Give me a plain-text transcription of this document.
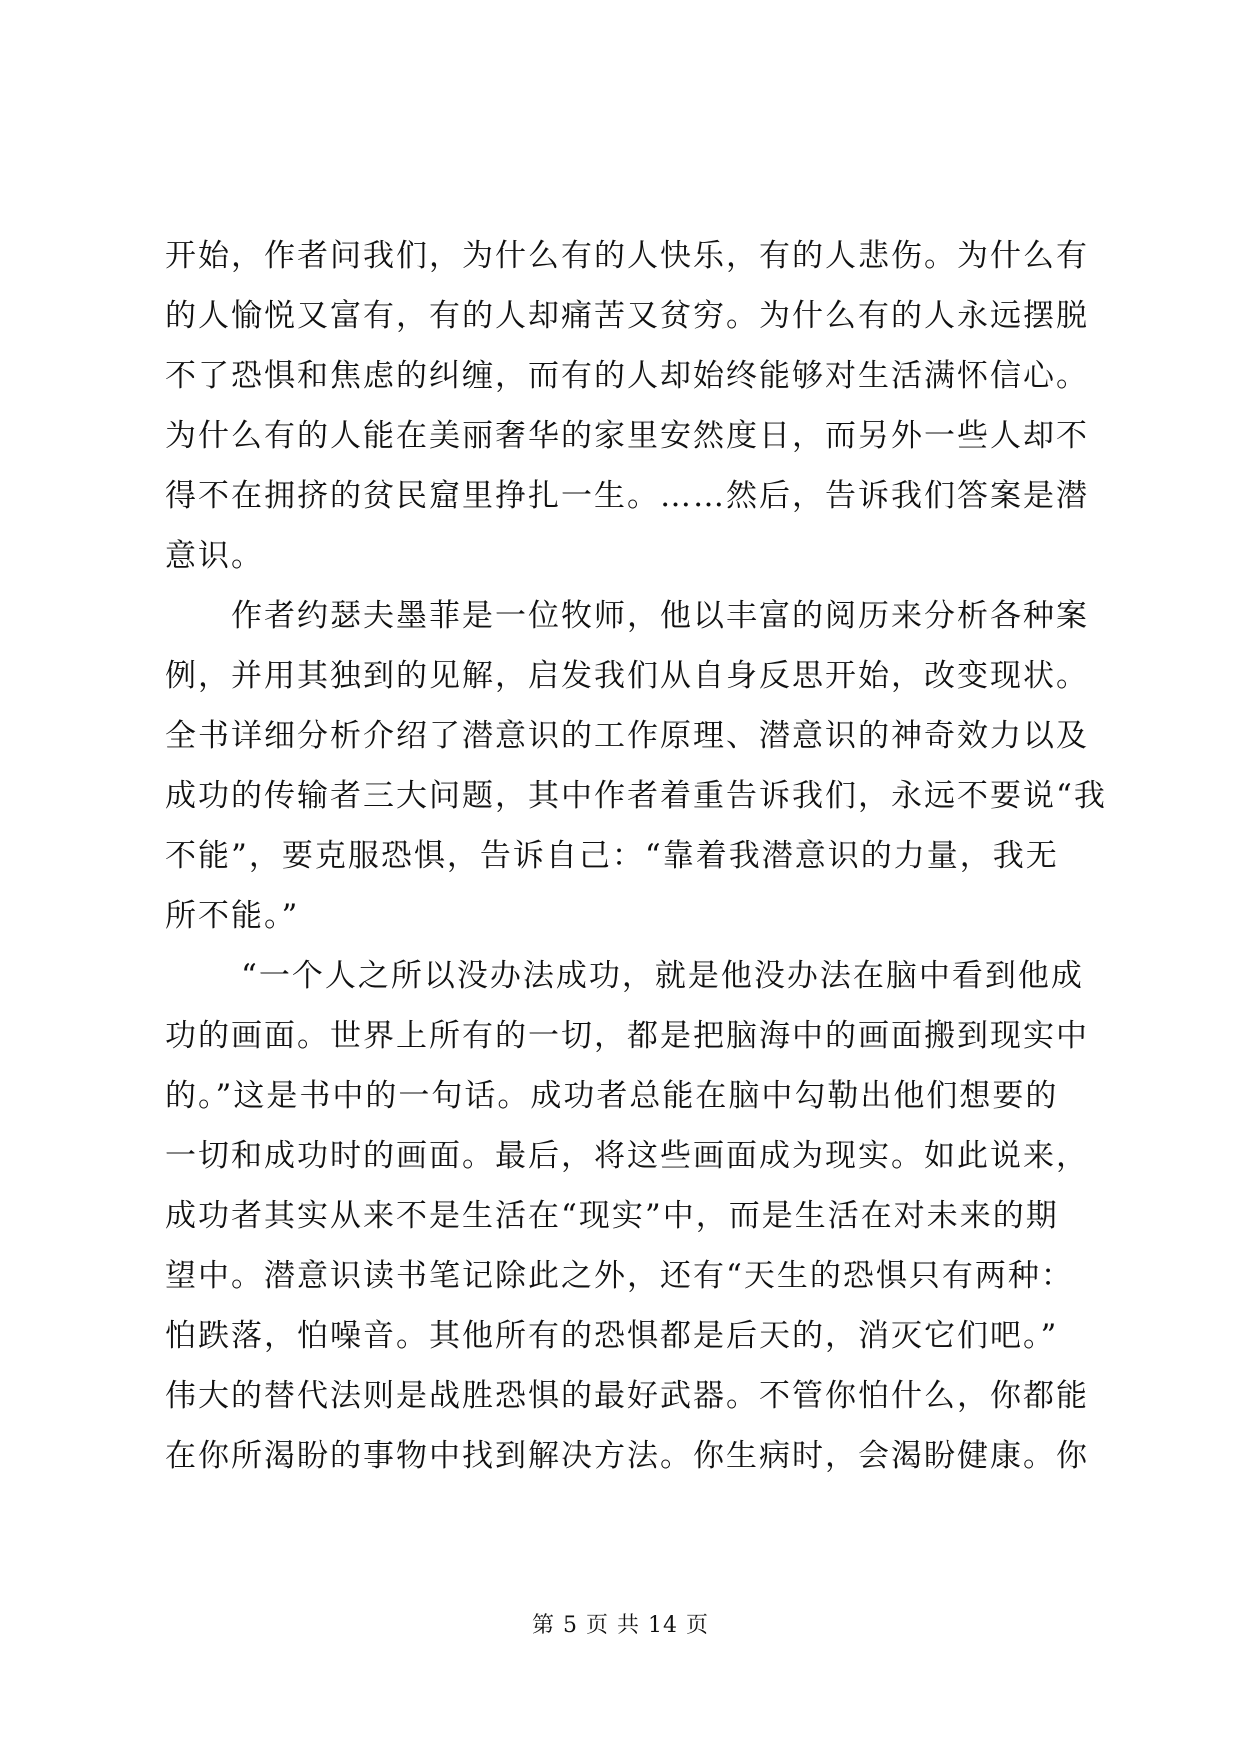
开始，作者问我们，为什么有的人快乐，有的人悲伤。为什么有
的人愉悦又富有，有的人却痛苦又贫穷。为什么有的人永远摆脱
不了恐惧和焦虑的纠缠，而有的人却始终能够对生活满怀信心。
为什么有的人能在美丽奢华的家里安然度日，而另外一些人却不
得不在拥挤的贫民窟里挣扎一生。……然后，告诉我们答案是潜
意识。
作者约瑟夫墨菲是一位牧师，他以丰富的阅历来分析各种案
例，并用其独到的见解，启发我们从自身反思开始，改变现状。
全书详细分析介绍了潜意识的工作原理、潜意识的神奇效力以及
成功的传输者三大问题，其中作者着重告诉我们，永远不要说“我
不能”，要克服恐惧，告诉自己：“靠着我潜意识的力量，我无
所不能。”
“一个人之所以没办法成功，就是他没办法在脑中看到他成
功的画面。世界上所有的一切，都是把脑海中的画面搬到现实中
的。”这是书中的一句话。成功者总能在脑中勾勒出他们想要的
一切和成功时的画面。最后，将这些画面成为现实。如此说来，
成功者其实从来不是生活在“现实”中，而是生活在对未来的期
望中。潜意识读书笔记除此之外，还有“天生的恐惧只有两种：
怕跌落，怕噪音。其他所有的恐惧都是后天的，消灭它们吧。”
伟大的替代法则是战胜恐惧的最好武器。不管你怕什么，你都能
在你所渴盼的事物中找到解决方法。你生病时，会渴盼健康。你
第 5 页 共 14 页
